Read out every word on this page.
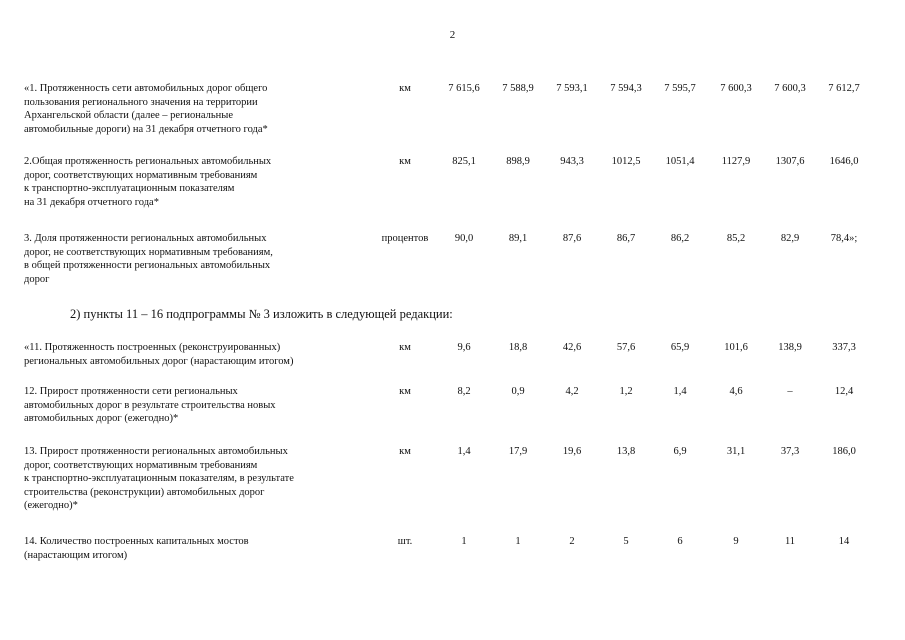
2
«1. Протяженность сети автомобильных дорог общего
пользования регионального значения на территории
Архангельской области (далее – региональные
автомобильные дороги) на 31 декабря отчетного года*
км	7 615,6	7 588,9	7 593,1	7 594,3	7 595,7	7 600,3	7 600,3	7 612,7
2.Общая протяженность региональных автомобильных
дорог, соответствующих нормативным требованиям
к транспортно-эксплуатационным показателям
на 31 декабря отчетного года*
км	825,1	898,9	943,3	1012,5	1051,4	1127,9	1307,6	1646,0
3. Доля протяженности региональных автомобильных
дорог, не соответствующих нормативным требованиям,
в общей протяженности региональных автомобильных
дорог
процентов	90,0	89,1	87,6	86,7	86,2	85,2	82,9	78,4»;
2) пункты 11 – 16 подпрограммы № 3 изложить в следующей редакции:
«11. Протяженность построенных (реконструированных)
региональных автомобильных дорог (нарастающим итогом)
км	9,6	18,8	42,6	57,6	65,9	101,6	138,9	337,3
12. Прирост протяженности сети региональных
автомобильных дорог в результате строительства новых
автомобильных дорог (ежегодно)*
км	8,2	0,9	4,2	1,2	1,4	4,6	–	12,4
13. Прирост протяженности региональных автомобильных
дорог, соответствующих нормативным требованиям
к транспортно-эксплуатационным показателям, в результате
строительства (реконструкции) автомобильных дорог
(ежегодно)*
км	1,4	17,9	19,6	13,8	6,9	31,1	37,3	186,0
14. Количество построенных капитальных мостов
(нарастающим итогом)
шт.	1	1	2	5	6	9	11	14
